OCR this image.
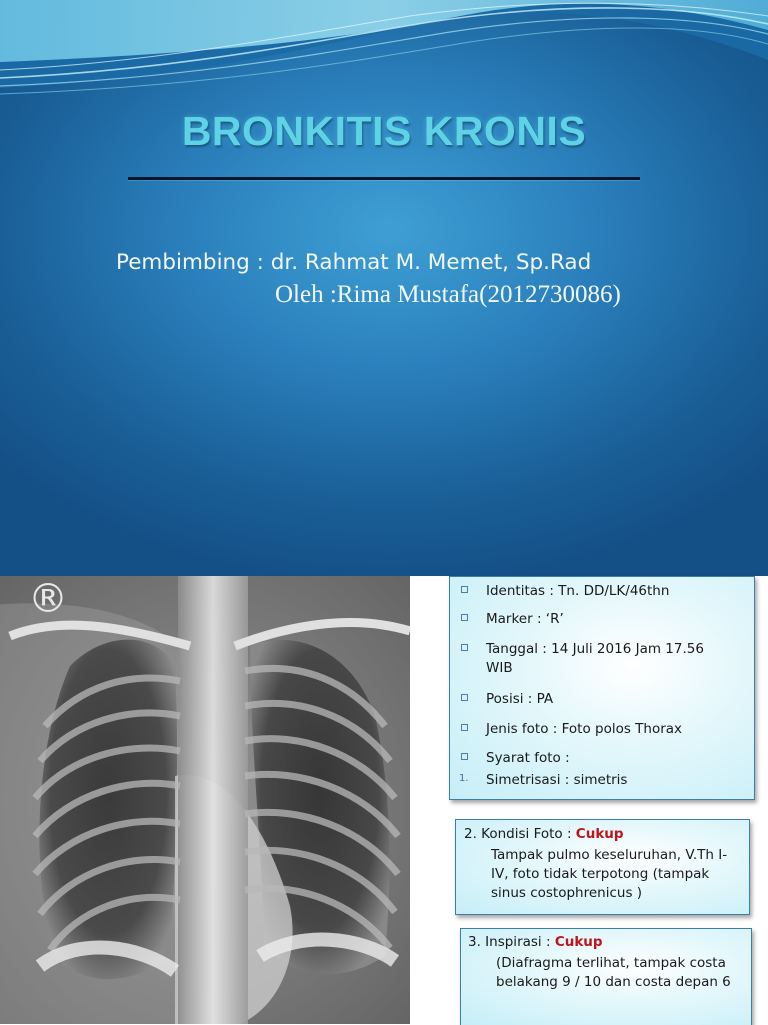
BRONKITIS KRONIS
Pembimbing : dr. Rahmat M. Memet, Sp.Rad
Oleh :Rima Mustafa(2012730086)
®	Identitas : Tn. DD/LK/46thn
Marker : ‘R’
Tanggal : 14 Juli 2016 Jam 17.56 WIB
Posisi : PA
Jenis foto : Foto polos Thorax
Syarat foto :
1. Simetrisasi : simetris
2. Kondisi Foto : Cukup
Tampak pulmo keseluruhan, V.Th I-IV, foto tidak terpotong (tampak sinus costophrenicus )
3. Inspirasi : Cukup
(Diafragma terlihat, tampak costa belakang 9 / 10 dan costa depan 6
